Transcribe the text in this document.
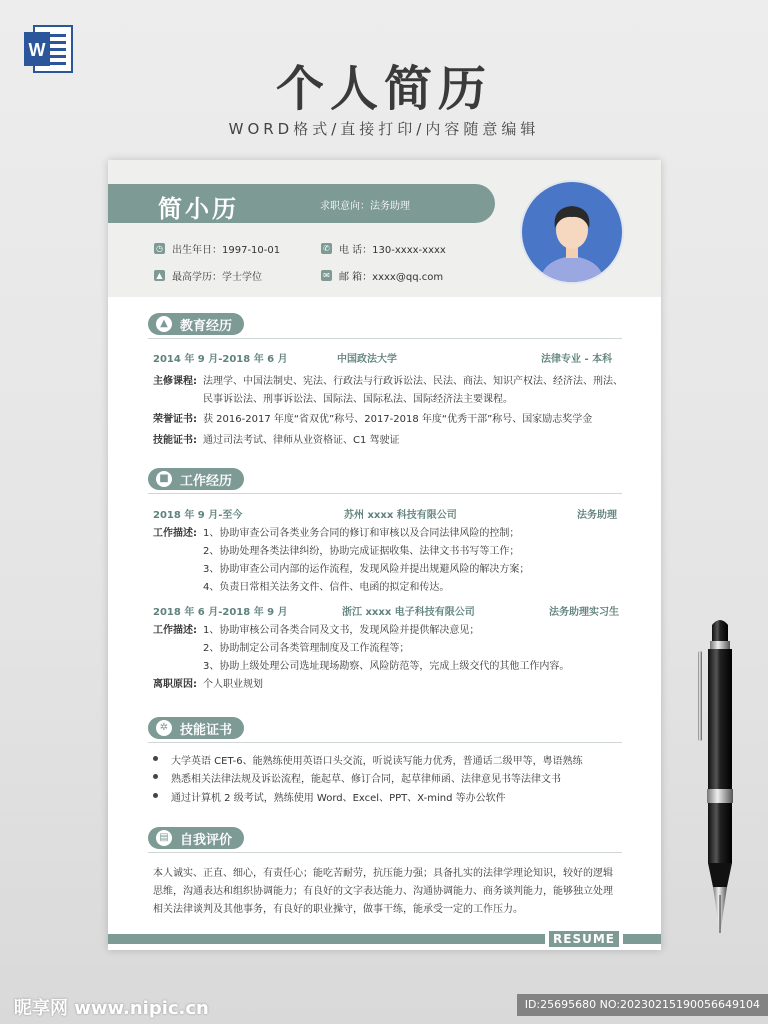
W
个人简历
WORD格式/直接打印/内容随意编辑
简小历	求职意向：法务助理
◷ 出生年日：1997-10-01	✆ 电 话：130-xxxx-xxxx
▲ 最高学历：学士学位	✉ 邮 箱：xxxx@qq.com
▲ 教育经历
2014 年 9 月-2018 年 6 月	中国政法大学	法律专业 - 本科
主修课程: 法理学、中国法制史、宪法、行政法与行政诉讼法、民法、商法、知识产权法、经济法、刑法、
民事诉讼法、刑事诉讼法、国际法、国际私法、国际经济法主要课程。
荣誉证书: 获 2016-2017 年度“省双优”称号、2017-2018 年度“优秀干部”称号、国家励志奖学金
技能证书: 通过司法考试、律师从业资格证、C1 驾驶证
■ 工作经历
2018 年 9 月-至今	苏州 xxxx 科技有限公司	法务助理
工作描述: 1、协助审查公司各类业务合同的修订和审核以及合同法律风险的控制；
2、协助处理各类法律纠纷，协助完成证据收集、法律文书书写等工作；
3、协助审查公司内部的运作流程，发现风险并提出规避风险的解决方案；
4、负责日常相关法务文件、信件、电函的拟定和传达。
2018 年 6 月-2018 年 9 月	浙江 xxxx 电子科技有限公司	法务助理实习生
工作描述: 1、协助审核公司各类合同及文书，发现风险并提供解决意见；
2、协助制定公司各类管理制度及工作流程等；
3、协助上级处理公司选址现场勘察、风险防范等，完成上级交代的其他工作内容。
离职原因: 个人职业规划
✲ 技能证书
大学英语 CET-6、能熟练使用英语口头交流，听说读写能力优秀，普通话二级甲等，粤语熟练
熟悉相关法律法规及诉讼流程，能起草、修订合同，起草律师函、法律意见书等法律文书
通过计算机 2 级考试，熟练使用 Word、Excel、PPT、X-mind 等办公软件
▤ 自我评价
本人诚实、正直、细心，有责任心；能吃苦耐劳，抗压能力强；具备扎实的法律学理论知识，较好的逻辑
思维，沟通表达和组织协调能力；有良好的文字表达能力、沟通协调能力、商务谈判能力，能够独立处理
相关法律谈判及其他事务，有良好的职业操守，做事干练，能承受一定的工作压力。
RESUME
昵享网 www.nipic.cn	ID:25695680 NO:20230215190056649104
